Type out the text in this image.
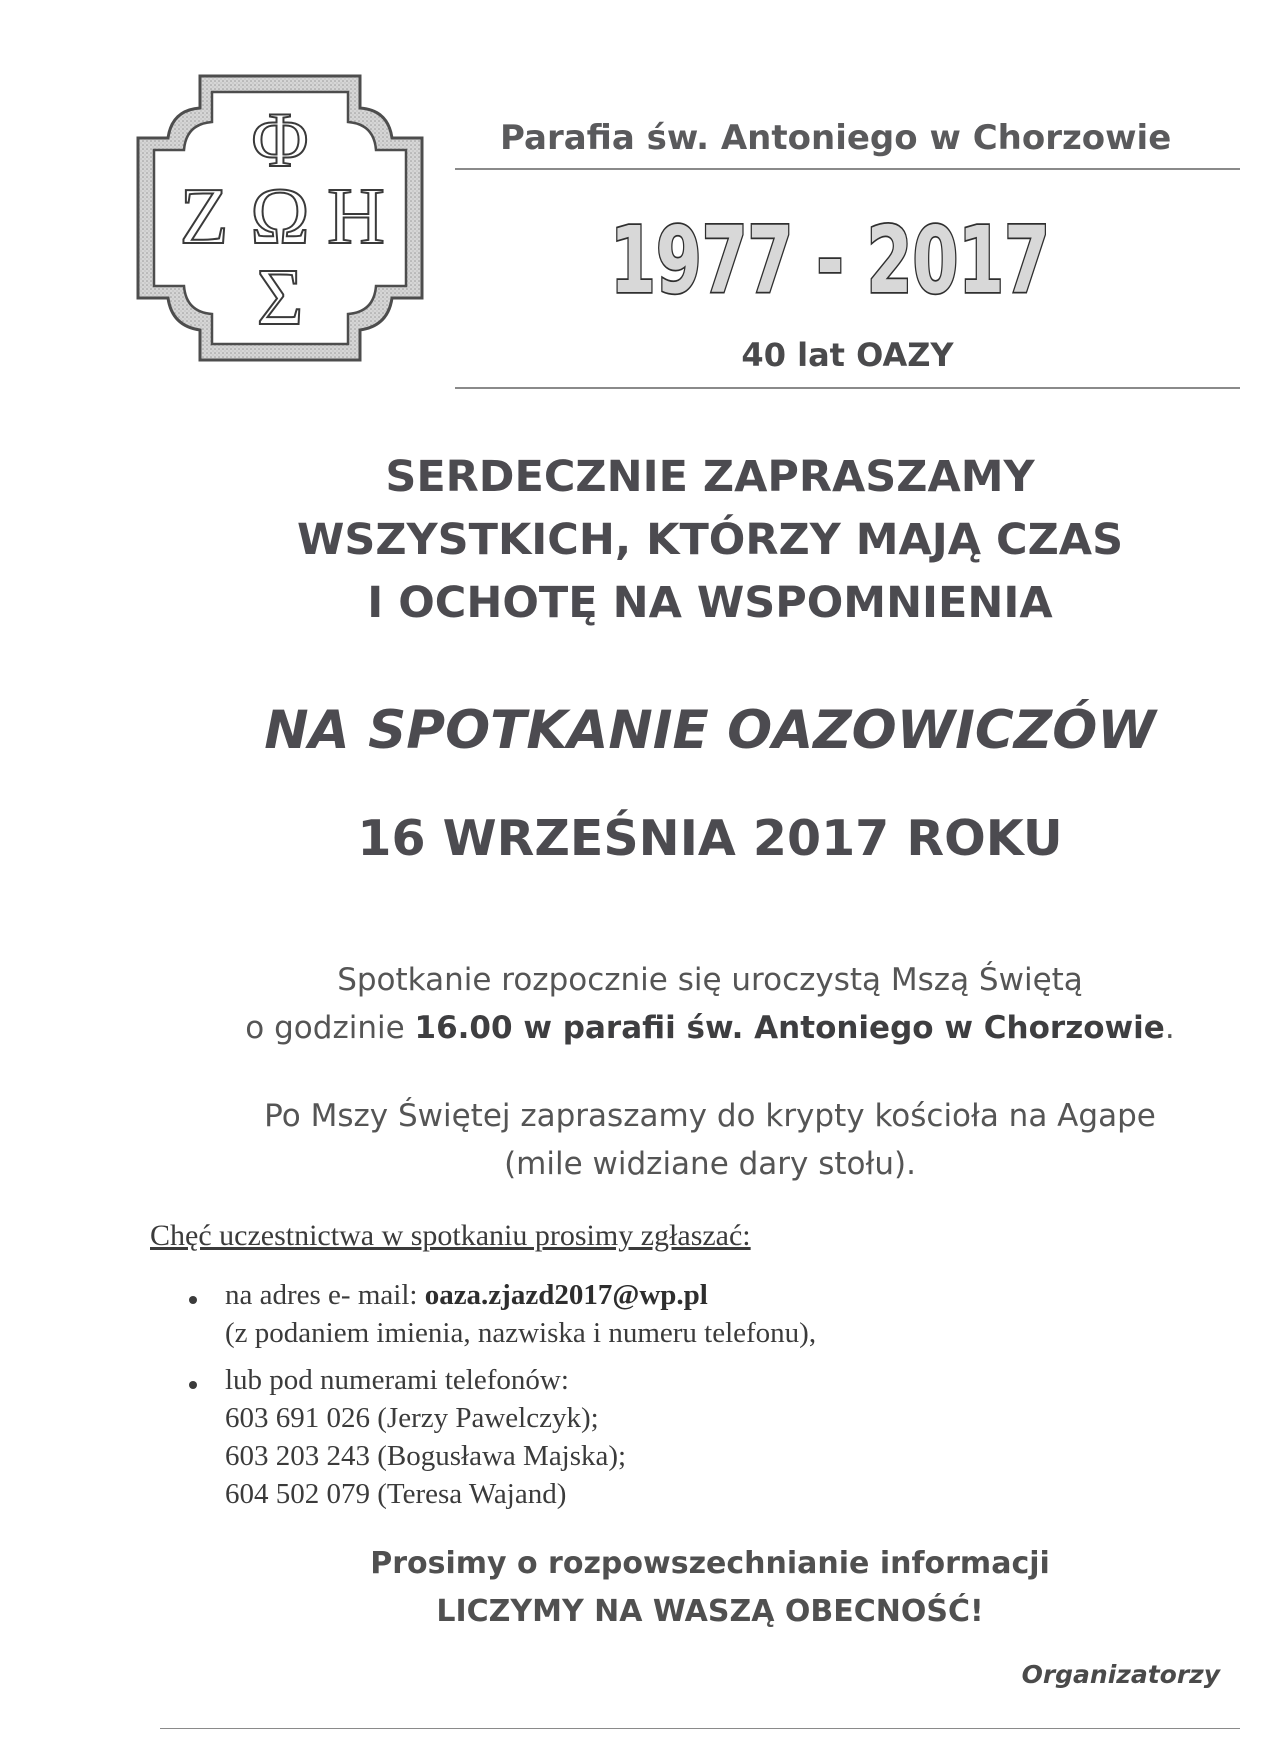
Φ
Ζ Ω Η
Σ
Parafia św. Antoniego w Chorzowie
1977 - 2017
40 lat OAZY
SERDECZNIE ZAPRASZAMY
WSZYSTKICH, KTÓRZY MAJĄ CZAS
I OCHOTĘ NA WSPOMNIENIA
NA SPOTKANIE OAZOWICZÓW
16 WRZEŚNIA 2017 ROKU
Spotkanie rozpocznie się uroczystą Mszą Świętą
o godzinie 16.00 w parafii św. Antoniego w Chorzowie.
Po Mszy Świętej zapraszamy do krypty kościoła na Agape
(mile widziane dary stołu).
Chęć uczestnictwa w spotkaniu prosimy zgłaszać:
na adres e- mail: oaza.zjazd2017@wp.pl
(z podaniem imienia, nazwiska i numeru telefonu),
lub pod numerami telefonów:
603 691 026 (Jerzy Pawelczyk);
603 203 243 (Bogusława Majska);
604 502 079 (Teresa Wajand)
Prosimy o rozpowszechnianie informacji
LICZYMY NA WASZĄ OBECNOŚĆ!
Organizatorzy
